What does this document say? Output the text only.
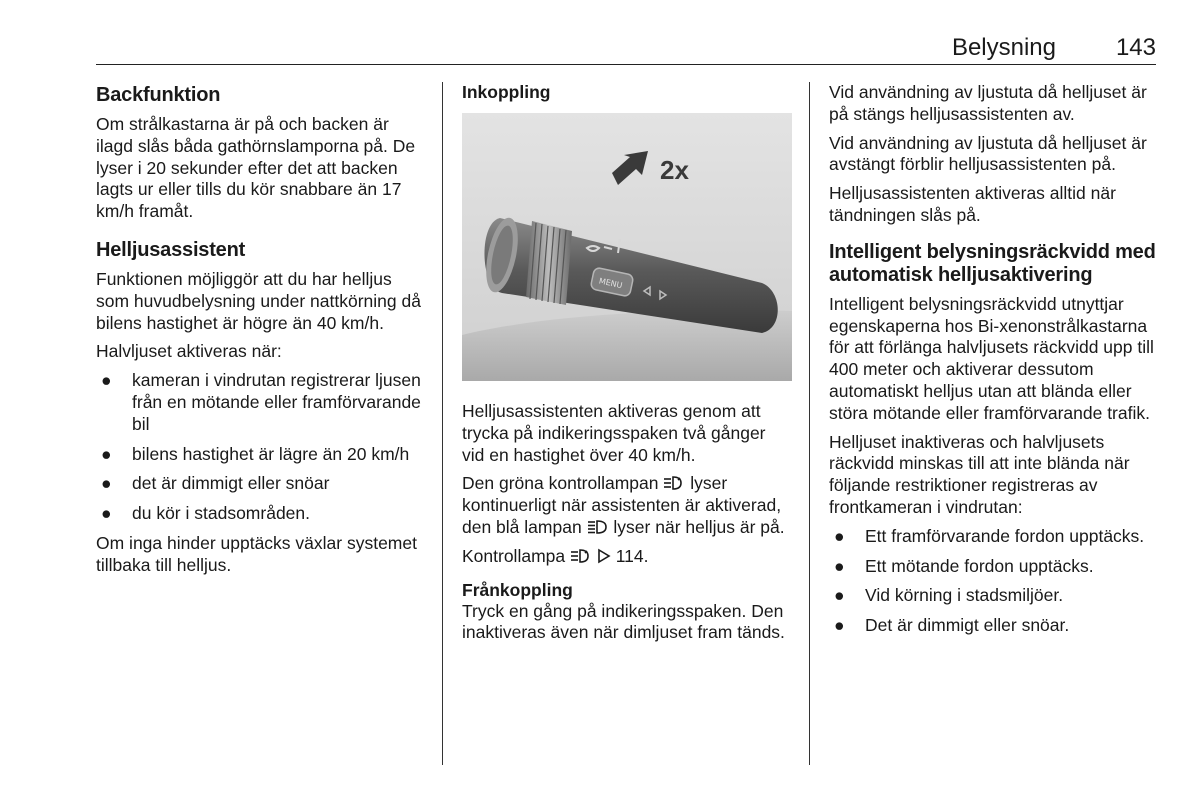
Belysning 143
Backfunktion

Om strålkastarna är på och backen är ilagd slås båda gathörnslamporna på. De lyser i 20 sekunder efter det att backen lagts ur eller tills du kör snabbare än 17 km/h framåt.

Helljusassistent

Funktionen möjliggör att du har helljus som huvudbelysning under nattkörning då bilens hastighet är högre än 40 km/h.

Halvljuset aktiveras när:

● kameran i vindrutan registrerar ljusen från en mötande eller framförvarande bil
● bilens hastighet är lägre än 20 km/h
● det är dimmigt eller snöar
● du kör i stadsområden.

Om inga hinder upptäcks växlar systemet tillbaka till helljus.

Inkoppling
MENU
2x

Helljusassistenten aktiveras genom att trycka på indikeringsspaken två gånger vid en hastighet över 40 km/h.

Den gröna kontrollampan lyser kontinuerligt när assistenten är aktiverad, den blå lampan lyser när helljus är på.

Kontrollampa	114.

Frånkoppling

Tryck en gång på indikeringsspaken. Den inaktiveras även när dimljuset fram tänds.

Vid användning av ljustuta då helljuset är på stängs helljusassistenten av.

Vid användning av ljustuta då helljuset är avstängt förblir helljusassistenten på.

Helljusassistenten aktiveras alltid när tändningen slås på.

Intelligent belysningsräckvidd med automatisk helljusaktivering

Intelligent belysningsräckvidd utnyttjar egenskaperna hos Bi-xenonstrålkastarna för att förlänga halvljusets räckvidd upp till 400 meter och aktiverar dessutom automatiskt helljus utan att blända eller störa mötande eller framförvarande trafik.

Helljuset inaktiveras och halvljusets räckvidd minskas till att inte blända när följande restriktioner registreras av frontkameran i vindrutan:

● Ett framförvarande fordon upptäcks.
● Ett mötande fordon upptäcks.
● Vid körning i stadsmiljöer.
● Det är dimmigt eller snöar.
